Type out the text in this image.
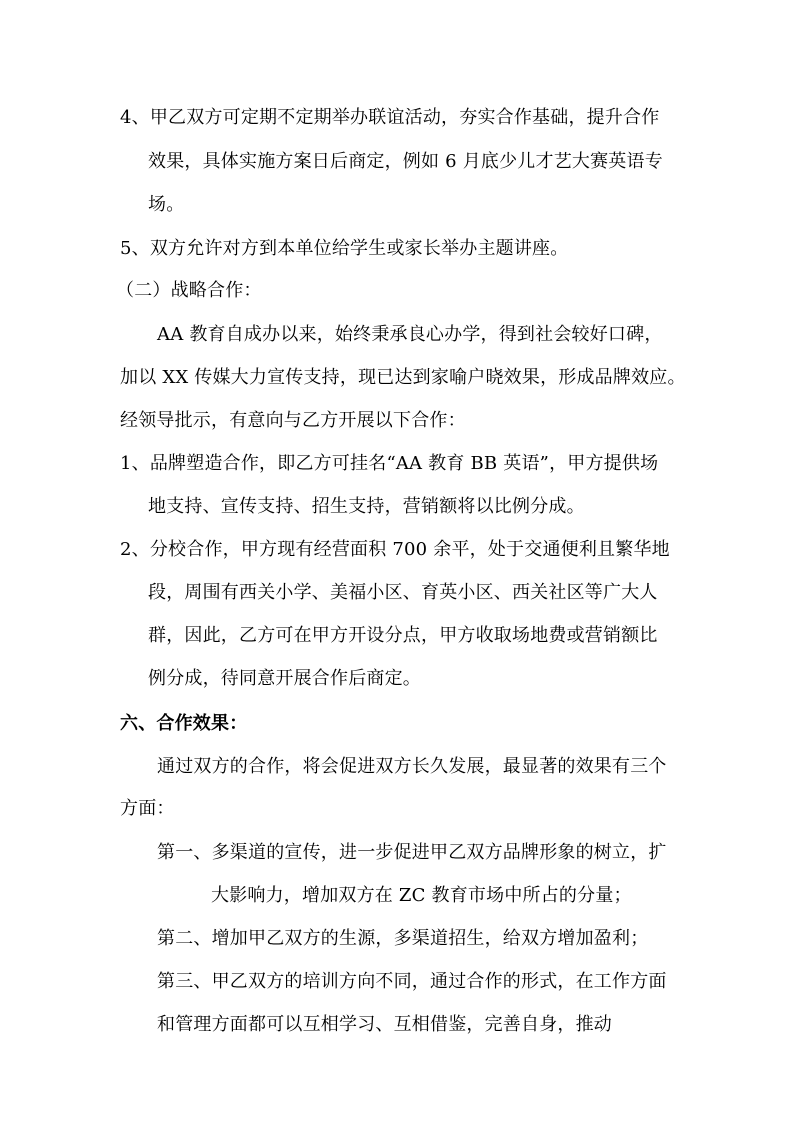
4、甲乙双方可定期不定期举办联谊活动，夯实合作基础，提升合作
效果，具体实施方案日后商定，例如 6 月底少儿才艺大赛英语专
场。
5、双方允许对方到本单位给学生或家长举办主题讲座。
（二）战略合作：
AA 教育自成办以来，始终秉承良心办学，得到社会较好口碑，
加以 XX 传媒大力宣传支持，现已达到家喻户晓效果，形成品牌效应。
经领导批示，有意向与乙方开展以下合作：
1、品牌塑造合作，即乙方可挂名“AA 教育 BB 英语”，甲方提供场
地支持、宣传支持、招生支持，营销额将以比例分成。
2、分校合作，甲方现有经营面积 700 余平，处于交通便利且繁华地
段，周围有西关小学、美福小区、育英小区、西关社区等广大人
群，因此，乙方可在甲方开设分点，甲方收取场地费或营销额比
例分成，待同意开展合作后商定。
六、合作效果：
通过双方的合作，将会促进双方长久发展，最显著的效果有三个
方面：
第一、多渠道的宣传，进一步促进甲乙双方品牌形象的树立，扩
大影响力，增加双方在 ZC 教育市场中所占的分量；
第二、增加甲乙双方的生源，多渠道招生，给双方增加盈利；
第三、甲乙双方的培训方向不同，通过合作的形式，在工作方面
和管理方面都可以互相学习、互相借鉴，完善自身，推动
